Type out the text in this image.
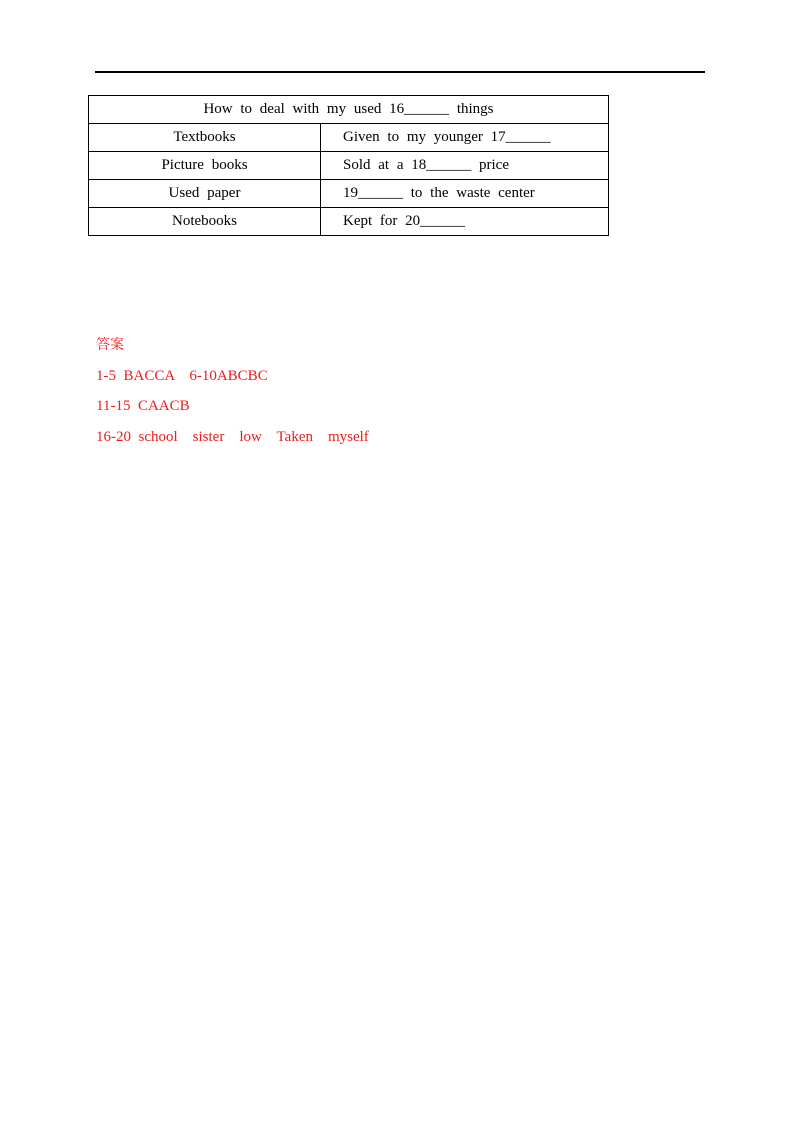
How to deal with my used 16______ things	
Textbooks	Given to my younger 17______
Picture books	Sold at a 18______ price
Used paper	19______ to the waste center
Notebooks	Kept for 20______
答案
1-5  BACCA    6-10ABCBC
11-15  CAACB
16-20  school    sister    low    Taken    myself
